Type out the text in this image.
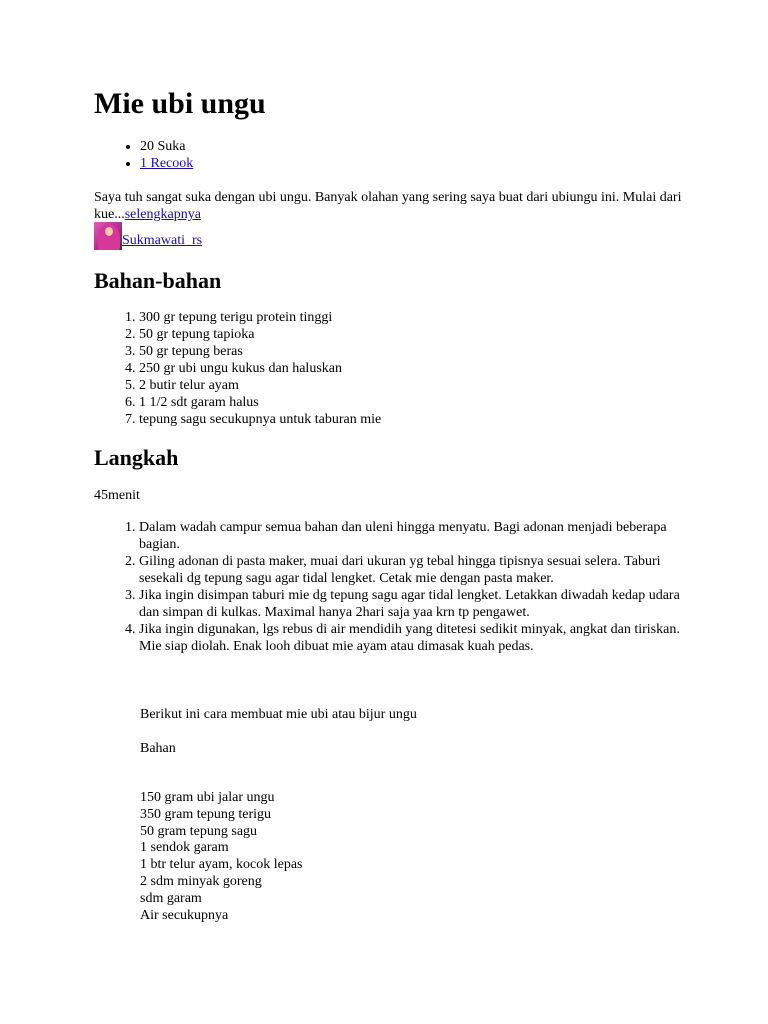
Mie ubi ungu
• 20 Suka
• 1 Recook

Saya tuh sangat suka dengan ubi ungu. Banyak olahan yang sering saya buat dari ubiungu ini. Mulai dari kue...selengkapnya

Sukmawati_rs
Bahan-bahan
1. 300 gr tepung terigu protein tinggi
2. 50 gr tepung tapioka
3. 50 gr tepung beras
4. 250 gr ubi ungu kukus dan haluskan
5. 2 butir telur ayam
6. 1 1/2 sdt garam halus
7. tepung sagu secukupnya untuk taburan mie
Langkah

45menit

1. Dalam wadah campur semua bahan dan uleni hingga menyatu. Bagi adonan menjadi beberapa bagian.
2. Giling adonan di pasta maker, muai dari ukuran yg tebal hingga tipisnya sesuai selera. Taburi sesekali dg tepung sagu agar tidal lengket. Cetak mie dengan pasta maker.
3. Jika ingin disimpan taburi mie dg tepung sagu agar tidal lengket. Letakkan diwadah kedap udara dan simpan di kulkas. Maximal hanya 2hari saja yaa krn tp pengawet.
4. Jika ingin digunakan, lgs rebus di air mendidih yang ditetesi sedikit minyak, angkat dan tiriskan. Mie siap diolah. Enak looh dibuat mie ayam atau dimasak kuah pedas.

Berikut ini cara membuat mie ubi atau bijur ungu

Bahan

150 gram ubi jalar ungu
350 gram tepung terigu
50 gram tepung sagu
1 sendok garam
1 btr telur ayam, kocok lepas
2 sdm minyak goreng
sdm garam
Air secukupnya
